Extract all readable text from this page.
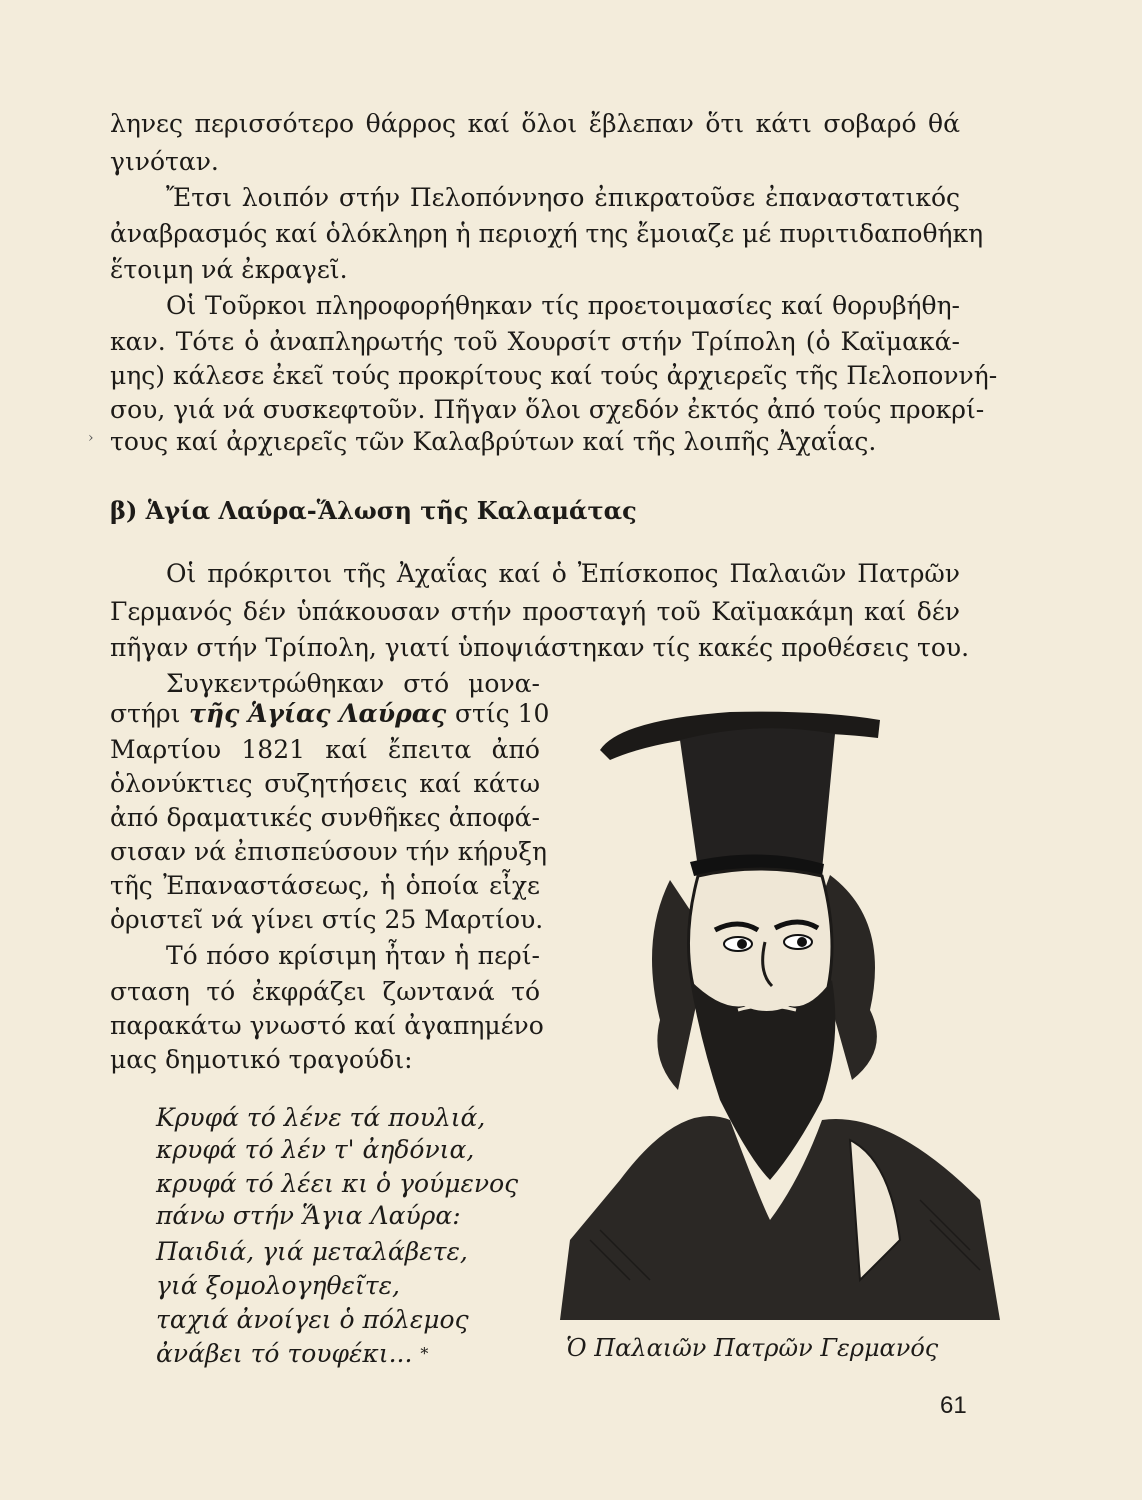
ληνες περισσότερο θάρρος καί ὅλοι ἔβλεπαν ὅτι κάτι σοβαρό θά
γινόταν.
Ἔτσι λοιπόν στήν Πελοπόννησο ἐπικρατοῦσε ἐπαναστατικός
ἀναβρασμός καί ὁλόκληρη ἡ περιοχή της ἔμοιαζε μέ πυριτιδαποθήκη
ἕτοιμη νά ἐκραγεῖ.
Οἱ Τοῦρκοι πληροφορήθηκαν τίς προετοιμασίες καί θορυβήθη-
καν. Τότε ὁ ἀναπληρωτής τοῦ Χουρσίτ στήν Τρίπολη (ὁ Καϊμακά-
μης) κάλεσε ἐκεῖ τούς προκρίτους καί τούς ἀρχιερεῖς τῆς Πελοποννή-
σου, γιά νά συσκεφτοῦν. Πῆγαν ὅλοι σχεδόν ἐκτός ἀπό τούς προκρί-
τους καί ἀρχιερεῖς τῶν Καλαβρύτων καί τῆς λοιπῆς Ἀχαΐας.
›
β) Ἁγία Λαύρα-Ἅλωση τῆς Καλαμάτας
Οἱ πρόκριτοι τῆς Ἀχαΐας καί ὁ Ἐπίσκοπος Παλαιῶν Πατρῶν
Γερμανός δέν ὑπάκουσαν στήν προσταγή τοῦ Καϊμακάμη καί δέν
πῆγαν στήν Τρίπολη, γιατί ὑποψιάστηκαν τίς κακές προθέσεις του.
Συγκεντρώθηκαν στό μονα-
στήρι τῆς Ἁγίας Λαύρας στίς 10
Μαρτίου 1821 καί ἔπειτα ἀπό
ὁλονύκτιες συζητήσεις καί κάτω
ἀπό δραματικές συνθῆκες ἀποφά-
σισαν νά ἐπισπεύσουν τήν κήρυξη
τῆς Ἐπαναστάσεως, ἡ ὁποία εἶχε
ὁριστεῖ νά γίνει στίς 25 Μαρτίου.
Τό πόσο κρίσιμη ἦταν ἡ περί-
σταση τό ἐκφράζει ζωντανά τό
παρακάτω γνωστό καί ἀγαπημένο
μας δημοτικό τραγούδι:
Κρυφά τό λένε τά πουλιά,
κρυφά τό λέν τ' ἀηδόνια,
κρυφά τό λέει κι ὁ γούμενος
πάνω στήν Ἅγια Λαύρα:
Παιδιά, γιά μεταλάβετε,
γιά ξομολογηθεῖτε,
ταχιά ἀνοίγει ὁ πόλεμος
ἀνάβει τό τουφέκι... *	Ὁ Παλαιῶν Πατρῶν Γερμανός
61
